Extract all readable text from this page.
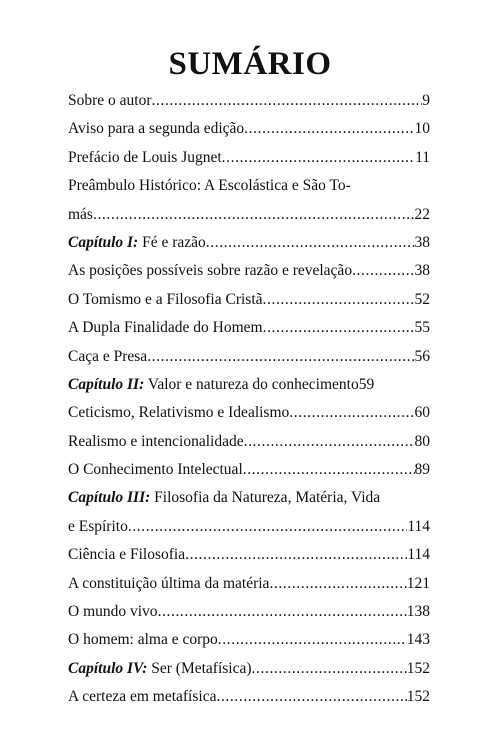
SUMÁRIO
Sobre o autor .....	9
Aviso para a segunda edição .....	10
Prefácio de Louis Jugnet .....	11
Preâmbulo Histórico: A Escolástica e São To-
más .....	22
Capítulo I: Fé e razão .....	38
As posições possíveis sobre razão e revelação .....	38
O Tomismo e a Filosofia Cristã .....	52
A Dupla Finalidade do Homem .....	55
Caça e Presa .....	56
Capítulo II: Valor e natureza do conhecimento 59
Ceticismo, Relativismo e Idealismo .....	60
Realismo e intencionalidade .....	80
O Conhecimento Intelectual .....	89
Capítulo III: Filosofia da Natureza, Matéria, Vida
e Espírito .....	114
Ciência e Filosofia .....	114
A constituição última da matéria .....	121
O mundo vivo .....	138
O homem: alma e corpo .....	143
Capítulo IV: Ser (Metafísica) .....	152
A certeza em metafísica .....	152
